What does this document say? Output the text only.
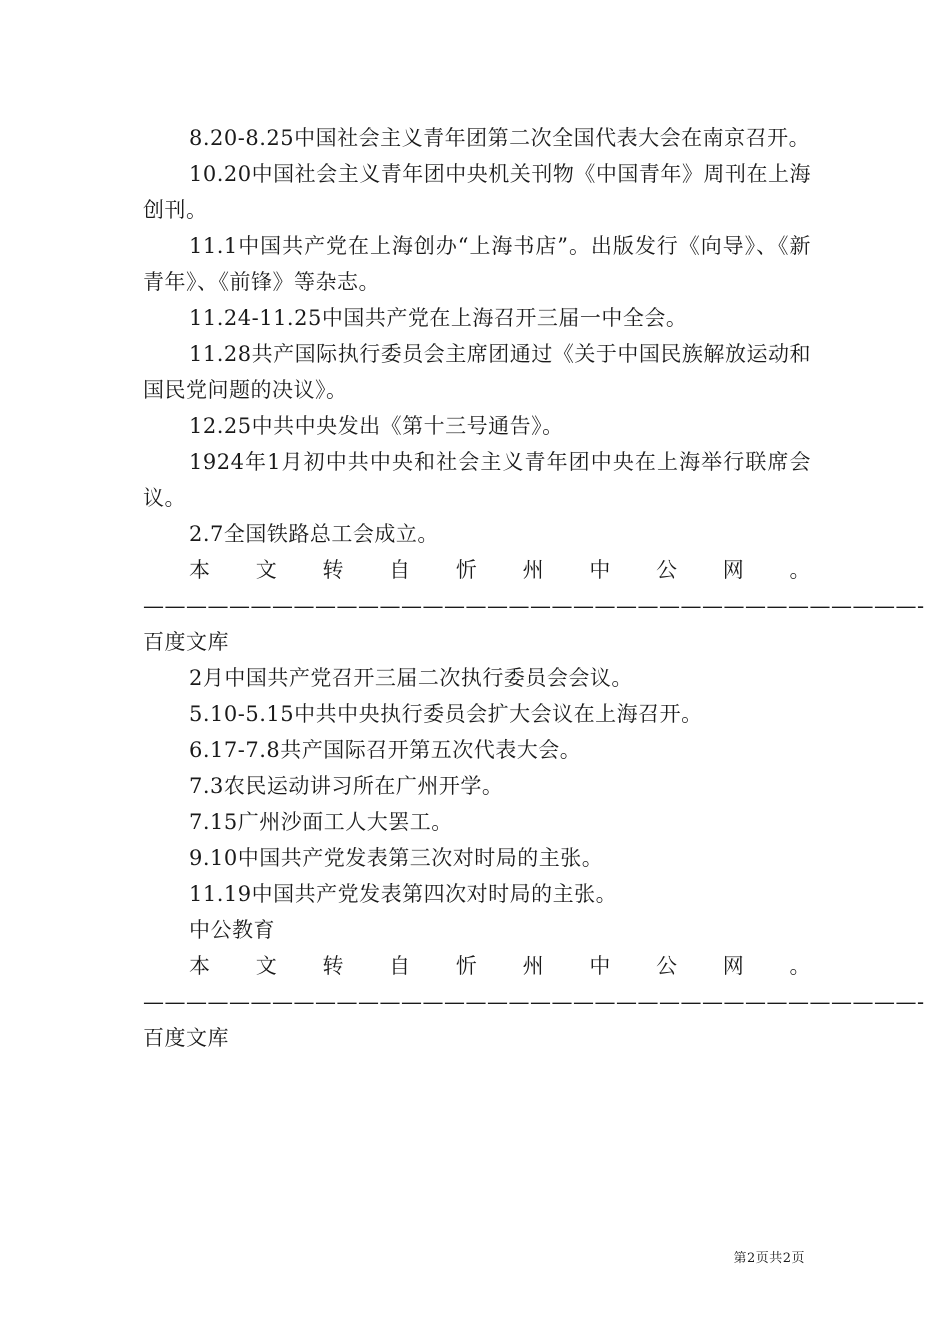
8.20-8.25中国社会主义青年团第二次全国代表大会在南京召开。

10.20中国社会主义青年团中央机关刊物《中国青年》周刊在上海创刊。

11.1中国共产党在上海创办“上海书店”。出版发行《向导》、《新青年》、《前锋》等杂志。

11.24-11.25中国共产党在上海召开三届一中全会。

11.28共产国际执行委员会主席团通过《关于中国民族解放运动和国民党问题的决议》。

12.25中共中央发出《第十三号通告》。

1924年1月初中共中央和社会主义青年团中央在上海举行联席会议。

2.7全国铁路总工会成立。

本文转自忻州中公网。————————————————————————————————————-百度文库

2月中国共产党召开三届二次执行委员会会议。

5.10-5.15中共中央执行委员会扩大会议在上海召开。

6.17-7.8共产国际召开第五次代表大会。

7.3农民运动讲习所在广州开学。

7.15广州沙面工人大罢工。

9.10中国共产党发表第三次对时局的主张。

11.19中国共产党发表第四次对时局的主张。

中公教育

本文转自忻州中公网。————————————————————————————————————-百度文库

第2页共2页
